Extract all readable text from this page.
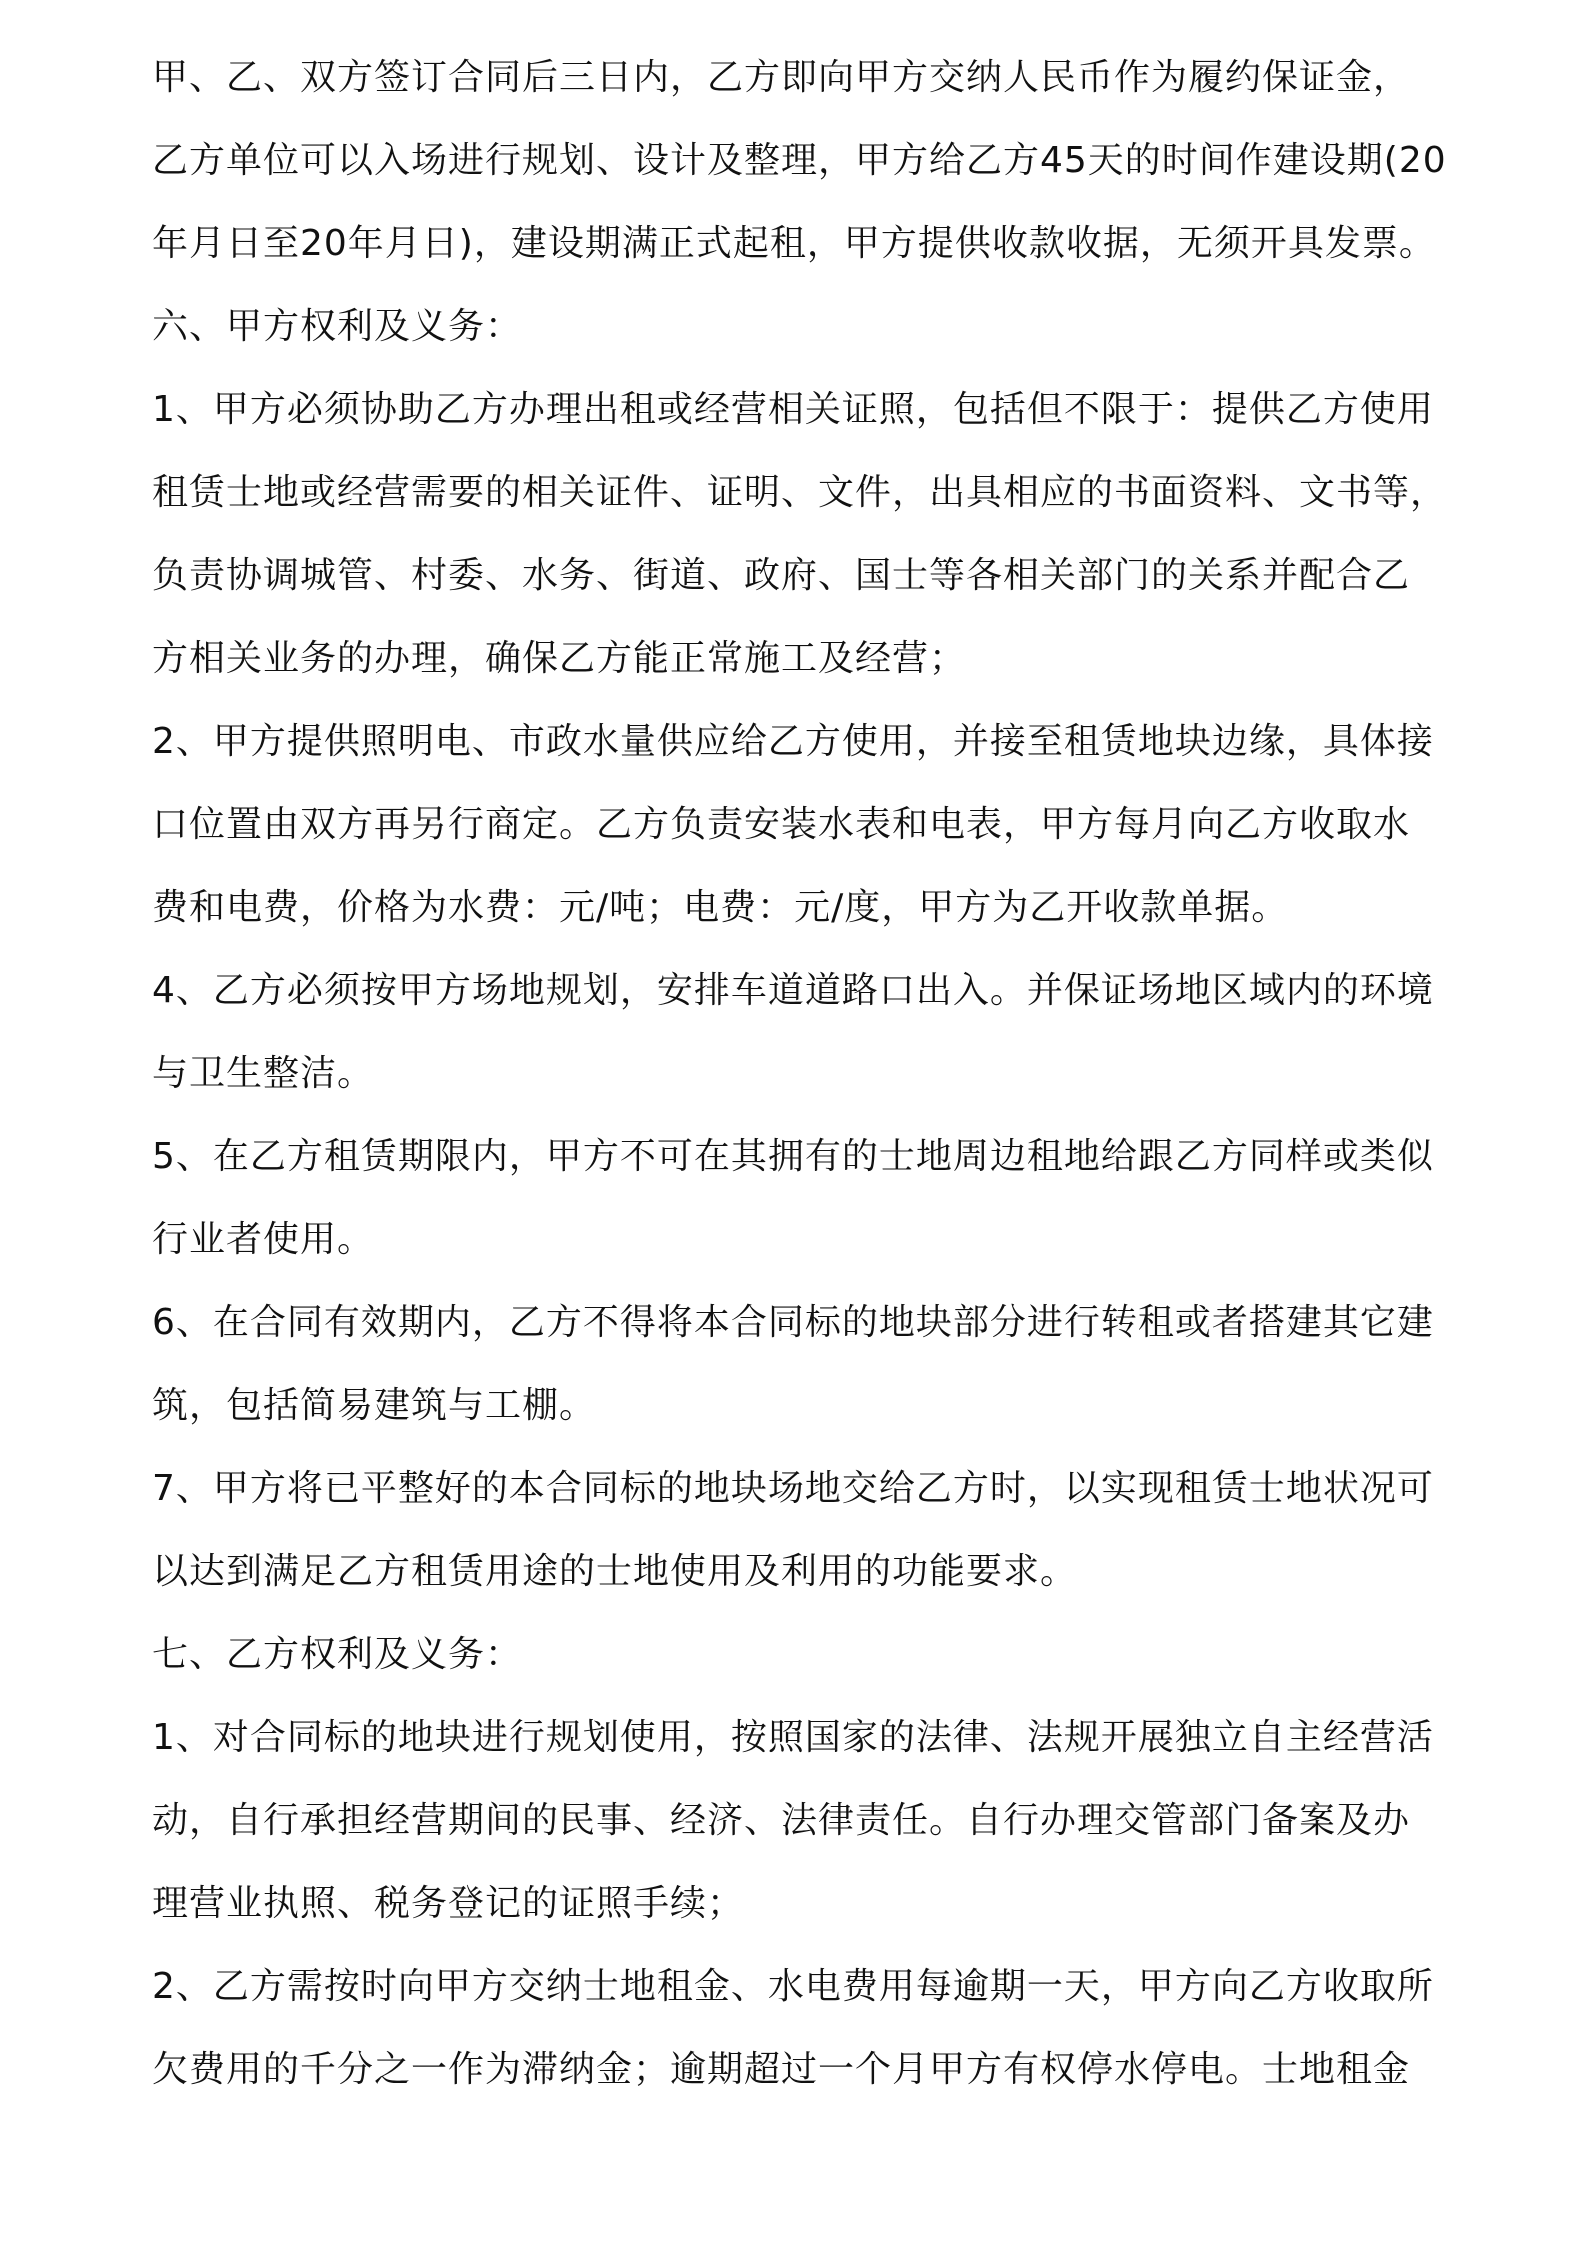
甲、乙、双方签订合同后三日内，乙方即向甲方交纳人民币作为履约保证金，
乙方单位可以入场进行规划、设计及整理，甲方给乙方45天的时间作建设期(20
年月日至20年月日)，建设期满正式起租，甲方提供收款收据，无须开具发票。
六、甲方权利及义务：
1、甲方必须协助乙方办理出租或经营相关证照，包括但不限于：提供乙方使用
租赁士地或经营需要的相关证件、证明、文件，出具相应的书面资料、文书等，
负责协调城管、村委、水务、街道、政府、国士等各相关部门的关系并配合乙
方相关业务的办理，确保乙方能正常施工及经营；
2、甲方提供照明电、市政水量供应给乙方使用，并接至租赁地块边缘，具体接
口位置由双方再另行商定。乙方负责安装水表和电表，甲方每月向乙方收取水
费和电费，价格为水费：元/吨；电费：元/度，甲方为乙开收款单据。
4、乙方必须按甲方场地规划，安排车道道路口出入。并保证场地区域内的环境
与卫生整洁。
5、在乙方租赁期限内，甲方不可在其拥有的士地周边租地给跟乙方同样或类似
行业者使用。
6、在合同有效期内，乙方不得将本合同标的地块部分进行转租或者搭建其它建
筑，包括简易建筑与工棚。
7、甲方将已平整好的本合同标的地块场地交给乙方时，以实现租赁士地状况可
以达到满足乙方租赁用途的士地使用及利用的功能要求。
七、乙方权利及义务：
1、对合同标的地块进行规划使用，按照国家的法律、法规开展独立自主经营活
动，自行承担经营期间的民事、经济、法律责任。自行办理交管部门备案及办
理营业执照、税务登记的证照手续；
2、乙方需按时向甲方交纳士地租金、水电费用每逾期一天，甲方向乙方收取所
欠费用的千分之一作为滞纳金；逾期超过一个月甲方有权停水停电。士地租金
